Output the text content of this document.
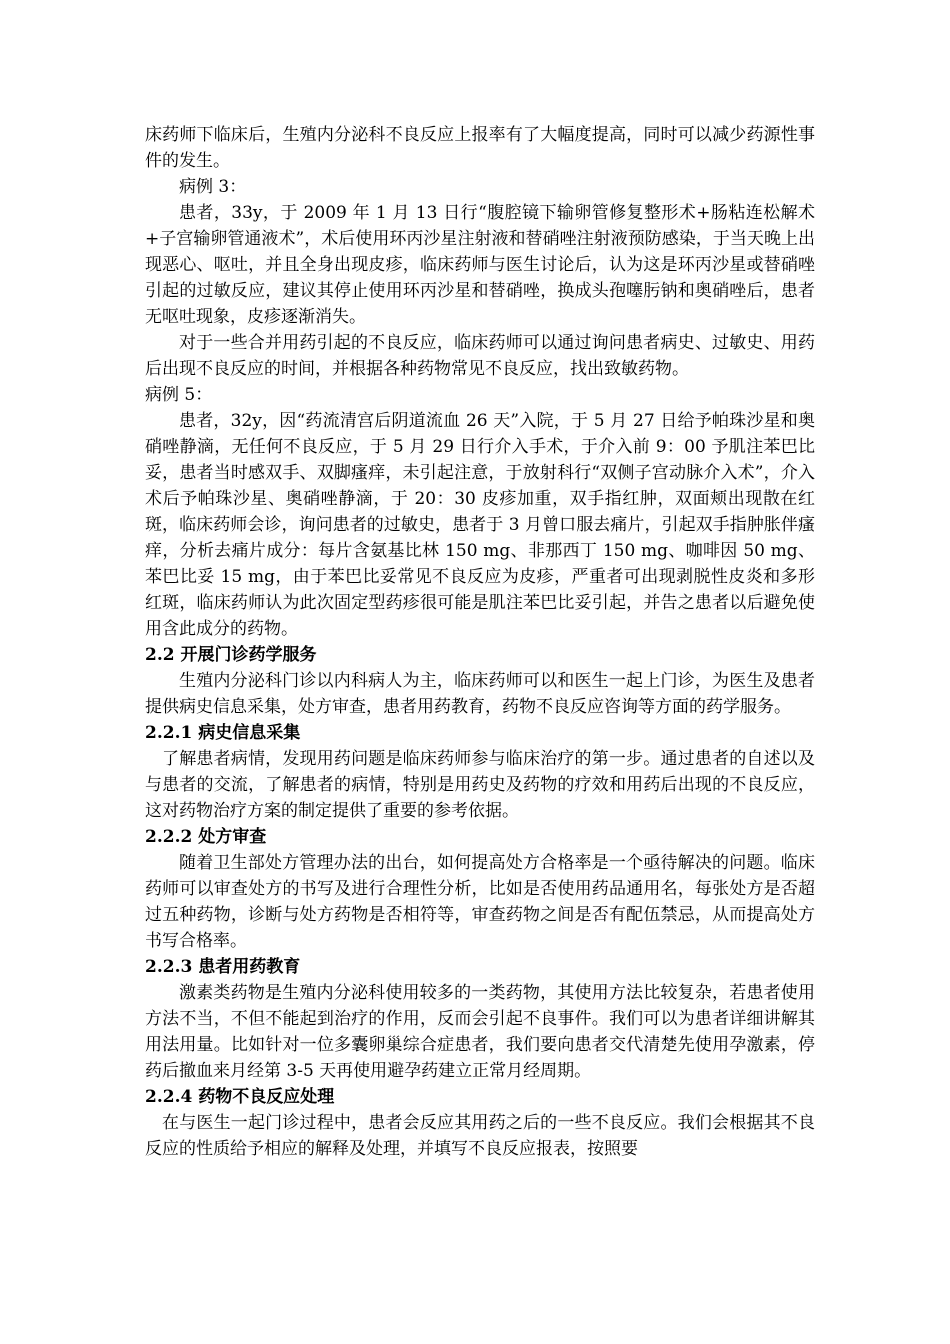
床药师下临床后，生殖内分泌科不良反应上报率有了大幅度提高，同时可以减少药源性事件的发生。

病例 3：

患者，33y，于 2009 年 1 月 13 日行“腹腔镜下输卵管修复整形术+肠粘连松解术+子宫输卵管通液术”，术后使用环丙沙星注射液和替硝唑注射液预防感染，于当天晚上出现恶心、呕吐，并且全身出现皮疹，临床药师与医生讨论后，认为这是环丙沙星或替硝唑引起的过敏反应，建议其停止使用环丙沙星和替硝唑，换成头孢噻肟钠和奥硝唑后，患者无呕吐现象，皮疹逐渐消失。

对于一些合并用药引起的不良反应，临床药师可以通过询问患者病史、过敏史、用药后出现不良反应的时间，并根据各种药物常见不良反应，找出致敏药物。

病例 5：

患者，32y，因“药流清宫后阴道流血 26 天”入院，于 5 月 27 日给予帕珠沙星和奥硝唑静滴，无任何不良反应，于 5 月 29 日行介入手术，于介入前 9：00 予肌注苯巴比妥，患者当时感双手、双脚瘙痒，未引起注意，于放射科行“双侧子宫动脉介入术”，介入术后予帕珠沙星、奥硝唑静滴，于 20：30 皮疹加重，双手指红肿，双面颊出现散在红斑，临床药师会诊，询问患者的过敏史，患者于 3 月曾口服去痛片，引起双手指肿胀伴瘙痒，分析去痛片成分：每片含氨基比林 150 mg、非那西丁 150 mg、咖啡因 50 mg、苯巴比妥 15 mg，由于苯巴比妥常见不良反应为皮疹，严重者可出现剥脱性皮炎和多形红斑，临床药师认为此次固定型药疹很可能是肌注苯巴比妥引起，并告之患者以后避免使用含此成分的药物。

2.2 开展门诊药学服务

生殖内分泌科门诊以内科病人为主，临床药师可以和医生一起上门诊，为医生及患者提供病史信息采集，处方审查，患者用药教育，药物不良反应咨询等方面的药学服务。

2.2.1 病史信息采集

了解患者病情，发现用药问题是临床药师参与临床治疗的第一步。通过患者的自述以及与患者的交流，了解患者的病情，特别是用药史及药物的疗效和用药后出现的不良反应，这对药物治疗方案的制定提供了重要的参考依据。

2.2.2 处方审查

随着卫生部处方管理办法的出台，如何提高处方合格率是一个亟待解决的问题。临床药师可以审查处方的书写及进行合理性分析，比如是否使用药品通用名，每张处方是否超过五种药物，诊断与处方药物是否相符等，审查药物之间是否有配伍禁忌，从而提高处方书写合格率。

2.2.3 患者用药教育

激素类药物是生殖内分泌科使用较多的一类药物，其使用方法比较复杂，若患者使用方法不当，不但不能起到治疗的作用，反而会引起不良事件。我们可以为患者详细讲解其用法用量。比如针对一位多囊卵巢综合症患者，我们要向患者交代清楚先使用孕激素，停药后撤血来月经第 3-5 天再使用避孕药建立正常月经周期。

2.2.4 药物不良反应处理

在与医生一起门诊过程中，患者会反应其用药之后的一些不良反应。我们会根据其不良反应的性质给予相应的解释及处理，并填写不良反应报表，按照要
